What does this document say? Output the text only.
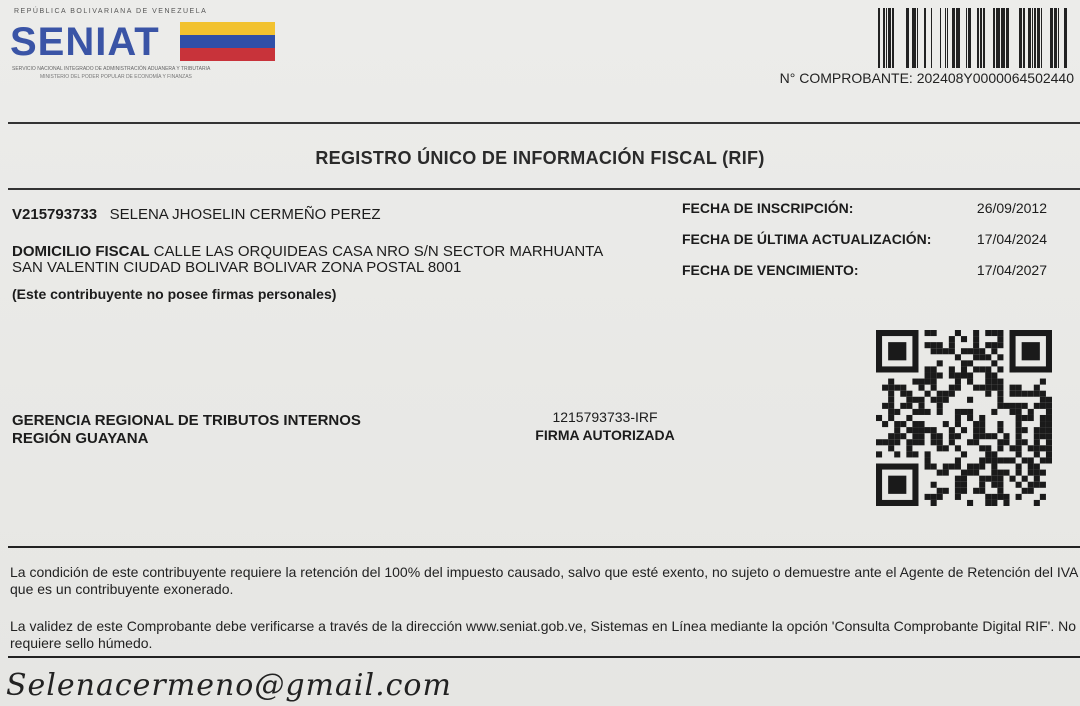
REPÚBLICA BOLIVARIANA DE VENEZUELA
SENIAT
SERVICIO NACIONAL INTEGRADO DE ADMINISTRACIÓN ADUANERA Y TRIBUTARIA
MINISTERIO DEL PODER POPULAR DE ECONOMÍA Y FINANZAS	N° COMPROBANTE: 202408Y0000064502440
REGISTRO ÚNICO DE INFORMACIÓN FISCAL (RIF)
V215793733 SELENA JHOSELIN CERMEÑO PEREZ
DOMICILIO FISCAL CALLE LAS ORQUIDEAS CASA NRO S/N SECTOR MARHUANTA
SAN VALENTIN CIUDAD BOLIVAR BOLIVAR ZONA POSTAL 8001
(Este contribuyente no posee firmas personales)
FECHA DE INSCRIPCIÓN:	26/09/2012
FECHA DE ÚLTIMA ACTUALIZACIÓN:	17/04/2024
FECHA DE VENCIMIENTO:	17/04/2027
GERENCIA REGIONAL DE TRIBUTOS INTERNOS
REGIÓN GUAYANA
1215793733-IRF
FIRMA AUTORIZADA
La condición de este contribuyente requiere la retención del 100% del impuesto causado, salvo que esté exento, no sujeto o demuestre ante el Agente de Retención del IVA que es un contribuyente exonerado.
La validez de este Comprobante debe verificarse a través de la dirección www.seniat.gob.ve, Sistemas en Línea mediante la opción 'Consulta Comprobante Digital RIF'. No requiere sello húmedo.
Selenacermeno@gmail.com
